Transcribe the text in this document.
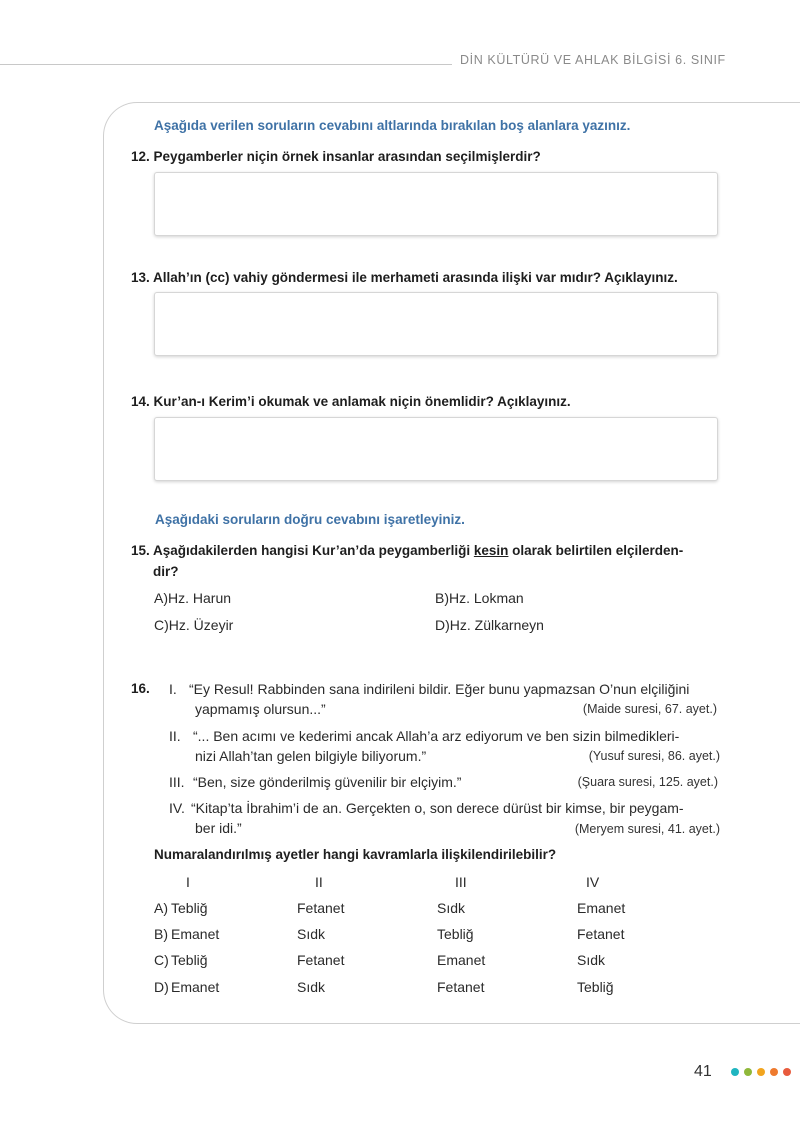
DİN KÜLTÜRÜ VE AHLAK BİLGİSİ 6. SINIF
Aşağıda verilen soruların cevabını altlarında bırakılan boş alanlara yazınız.
12. Peygamberler niçin örnek insanlar arasından seçilmişlerdir?
13. Allah’ın (cc) vahiy göndermesi ile merhameti arasında ilişki var mıdır? Açıklayınız.
14. Kur’an-ı Kerim’i okumak ve anlamak niçin önemlidir? Açıklayınız.
Aşağıdaki soruların doğru cevabını işaretleyiniz.
15. Aşağıdakilerden hangisi Kur’an’da peygamberliği kesin olarak belirtilen elçilerden-
dir?
A)Hz. Harun	B)Hz. Lokman
C)Hz. Üzeyir	D)Hz. Zülkarneyn
16. I. “Ey Resul! Rabbinden sana indirileni bildir. Eğer bunu yapmazsan O’nun elçiliğini
yapmamış olursun...”	(Maide suresi, 67. ayet.)
II. “... Ben acımı ve kederimi ancak Allah’a arz ediyorum ve ben sizin bilmedikleri-
nizi Allah’tan gelen bilgiyle biliyorum.”	(Yusuf suresi, 86. ayet.)
III. “Ben, size gönderilmiş güvenilir bir elçiyim.”	(Şuara suresi, 125. ayet.)
IV. “Kitap’ta İbrahim’i de an. Gerçekten o, son derece dürüst bir kimse, bir peygam-
ber idi.”	(Meryem suresi, 41. ayet.)
Numaralandırılmış ayetler hangi kavramlarla ilişkilendirilebilir?
I	II	III	IV
A) Tebliğ	Fetanet	Sıdk	Emanet
B) Emanet	Sıdk	Tebliğ	Fetanet
C) Tebliğ	Fetanet	Emanet	Sıdk
D) Emanet	Sıdk	Fetanet	Tebliğ
41
